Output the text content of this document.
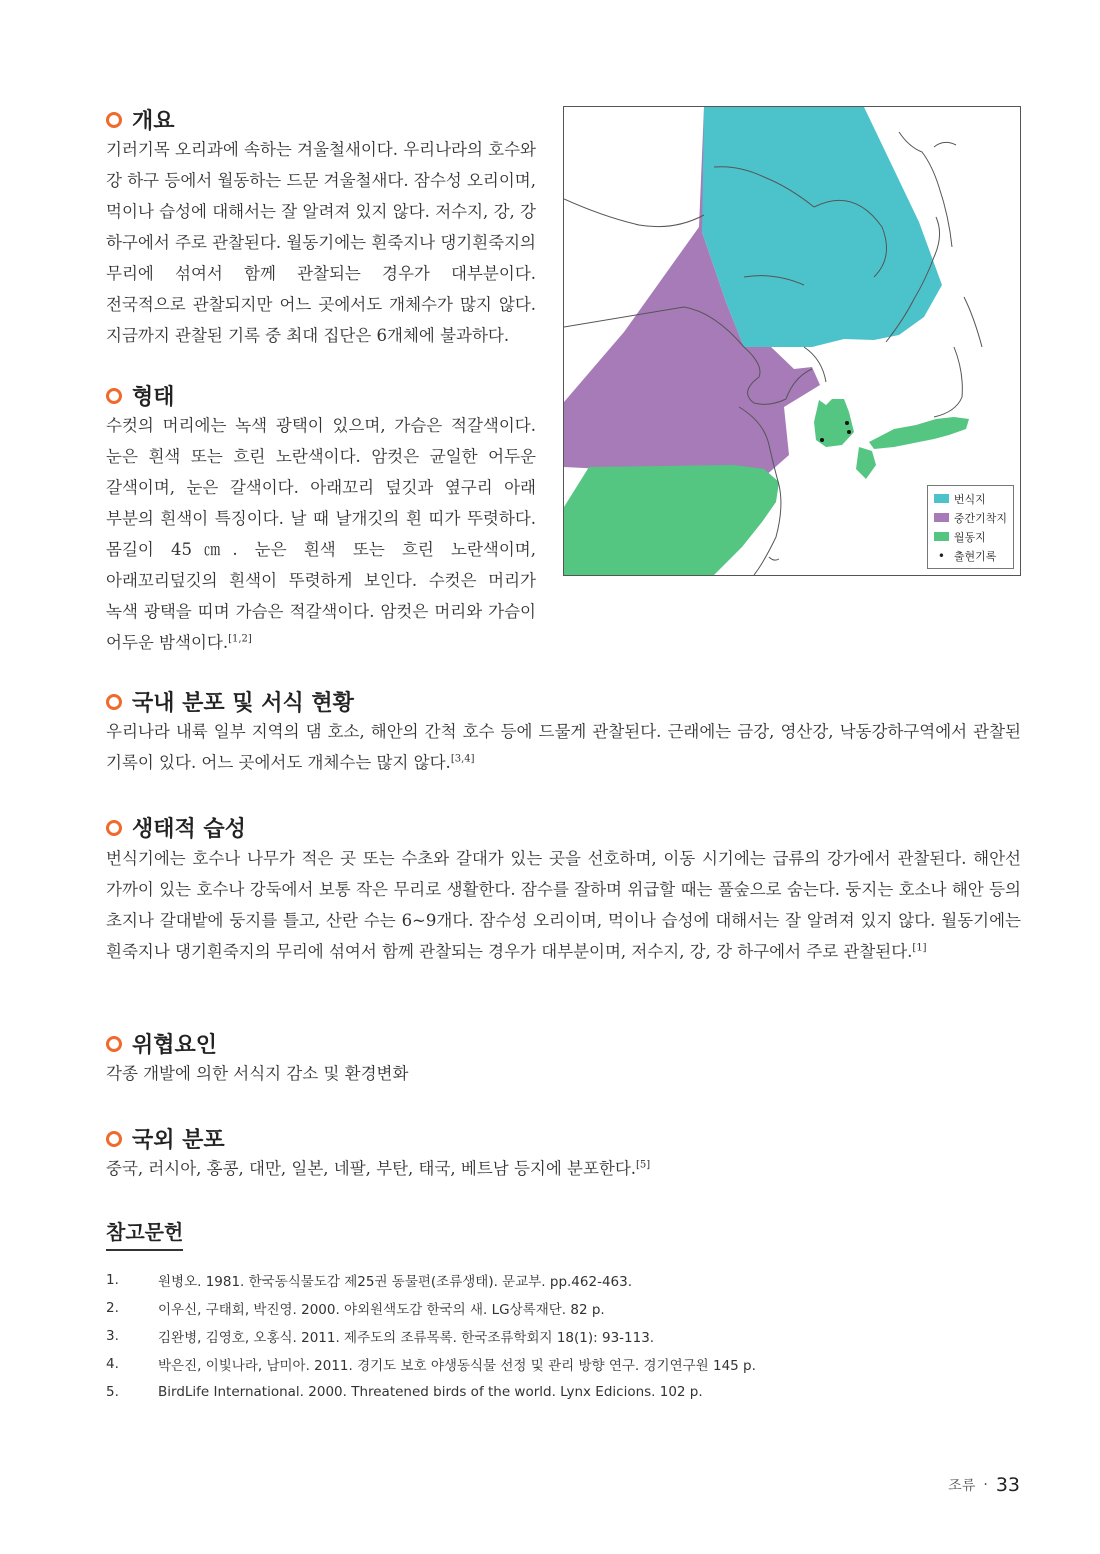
개요

기러기목 오리과에 속하는 겨울철새이다. 우리나라의 호수와 강 하구 등에서 월동하는 드문 겨울철새다. 잠수성 오리이며, 먹이나 습성에 대해서는 잘 알려져 있지 않다. 저수지, 강, 강 하구에서 주로 관찰된다. 월동기에는 흰죽지나 댕기흰죽지의 무리에 섞여서 함께 관찰되는 경우가 대부분이다. 전국적으로 관찰되지만 어느 곳에서도 개체수가 많지 않다. 지금까지 관찰된 기록 중 최대 집단은 6개체에 불과하다.

형태

수컷의 머리에는 녹색 광택이 있으며, 가슴은 적갈색이다. 눈은 흰색 또는 흐린 노란색이다. 암컷은 균일한 어두운 갈색이며, 눈은 갈색이다. 아래꼬리 덮깃과 옆구리 아래 부분의 흰색이 특징이다. 날 때 날개깃의 흰 띠가 뚜렷하다. 몸길이 45㎝. 눈은 흰색 또는 흐린 노란색이며, 아래꼬리덮깃의 흰색이 뚜렷하게 보인다. 수컷은 머리가 녹색 광택을 띠며 가슴은 적갈색이다. 암컷은 머리와 가슴이 어두운 밤색이다.[1,2]

번식지
중간기착지
월동지
• 출현기록
국내 분포 및 서식 현황

우리나라 내륙 일부 지역의 댐 호소, 해안의 간척 호수 등에 드물게 관찰된다. 근래에는 금강, 영산강, 낙동강하구역에서 관찰된 기록이 있다. 어느 곳에서도 개체수는 많지 않다.[3,4]

생태적 습성

번식기에는 호수나 나무가 적은 곳 또는 수초와 갈대가 있는 곳을 선호하며, 이동 시기에는 급류의 강가에서 관찰된다. 해안선 가까이 있는 호수나 강둑에서 보통 작은 무리로 생활한다. 잠수를 잘하며 위급할 때는 풀숲으로 숨는다. 둥지는 호소나 해안 등의 초지나 갈대밭에 둥지를 틀고, 산란 수는 6~9개다. 잠수성 오리이며, 먹이나 습성에 대해서는 잘 알려져 있지 않다. 월동기에는 흰죽지나 댕기흰죽지의 무리에 섞여서 함께 관찰되는 경우가 대부분이며, 저수지, 강, 강 하구에서 주로 관찰된다.[1]

위협요인

각종 개발에 의한 서식지 감소 및 환경변화

국외 분포

중국, 러시아, 홍콩, 대만, 일본, 네팔, 부탄, 태국, 베트남 등지에 분포한다.[5]

참고문헌
1.	원병오. 1981. 한국동식물도감 제25권 동물편(조류생태). 문교부. pp.462-463.
2.	이우신, 구태회, 박진영. 2000. 야외원색도감 한국의 새. LG상록재단. 82 p.
3.	김완병, 김영호, 오홍식. 2011. 제주도의 조류목록. 한국조류학회지 18(1): 93-113.
4.	박은진, 이빛나라, 남미아. 2011. 경기도 보호 야생동식물 선정 및 관리 방향 연구. 경기연구원 145 p.
5.	BirdLife International. 2000. Threatened birds of the world. Lynx Edicions. 102 p.
조류 · 33
